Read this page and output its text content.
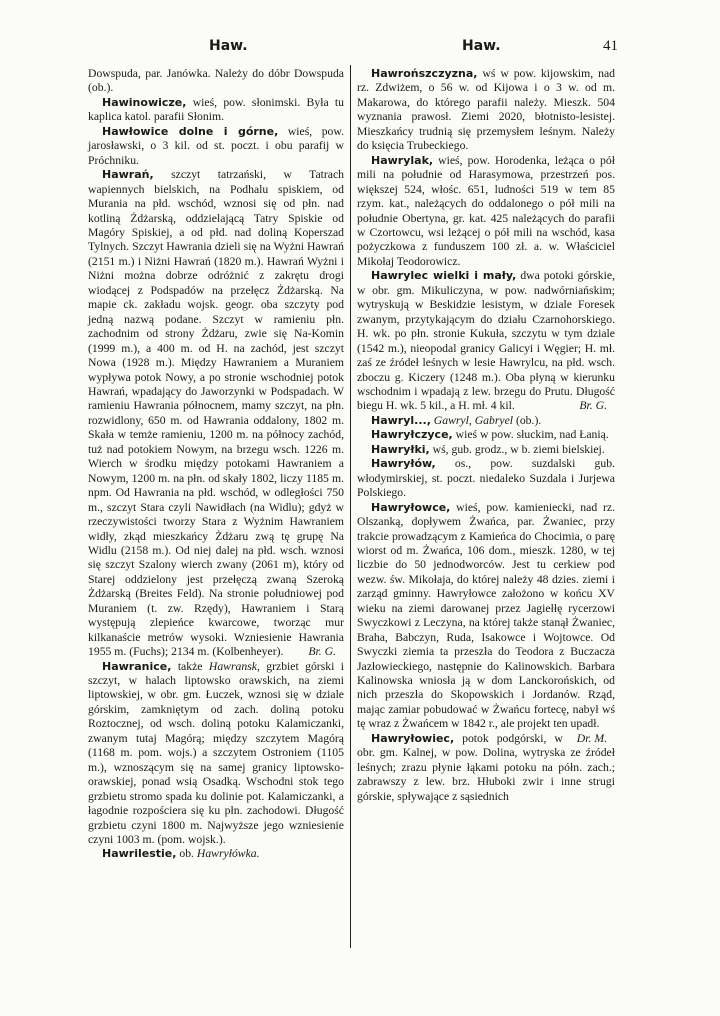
Haw.	Haw.	41

Dowspuda, par. Janówka. Należy do dóbr Dowspuda (ob.).

Hawinowicze, wieś, pow. słonimski. Była tu kaplica katol. parafii Słonim.

Hawłowice dolne i górne, wieś, pow. jarosławski, o 3 kil. od st. poczt. i obu parafij w Próchniku.

Hawrań, szczyt tatrzański, w Tatrach wapiennych bielskich, na Podhalu spiskiem, od Murania na płd. wschód, wznosi się od płn. nad kotliną Żdżarską, oddzielającą Tatry Spiskie od Magóry Spiskiej, a od płd. nad doliną Koperszad Tylnych. Szczyt Hawrania dzieli się na Wyżni Hawrań (2151 m.) i Niżni Hawrań (1820 m.). Hawrań Wyżni i Niżni można dobrze odróżnić z zakrętu drogi wiodącej z Podspadów na przełęcz Żdżarską. Na mapie ck. zakładu wojsk. geogr. oba szczyty pod jedną nazwą podane. Szczyt w ramieniu płn. zachodnim od strony Żdżaru, zwie się Na-Komin (1999 m.), a 400 m. od H. na zachód, jest szczyt Nowa (1928 m.). Między Hawraniem a Muraniem wypływa potok Nowy, a po stronie wschodniej potok Hawrań, wpadający do Jaworzynki w Podspadach. W ramieniu Hawrania północnem, mamy szczyt, na płn. rozwidlony, 650 m. od Hawrania oddalony, 1802 m. Skała w temże ramieniu, 1200 m. na północy zachód, tuż nad potokiem Nowym, na brzegu wsch. 1226 m. Wierch w środku między potokami Hawraniem a Nowym, 1200 m. na płn. od skały 1802, liczy 1185 m. npm. Od Hawrania na płd. wschód, w odległości 750 m., szczyt Stara czyli Nawidłach (na Widlu); gdyż w rzeczywistości tworzy Stara z Wyżnim Hawraniem widły, zkąd mieszkańcy Żdżaru zwą tę grupę Na Widlu (2158 m.). Od niej dalej na płd. wsch. wznosi się szczyt Szalony wierch zwany (2061 m), który od Starej oddzielony jest przełęczą zwaną Szeroką Żdżarską (Breites Feld). Na stronie południowej pod Muraniem (t. zw. Rzędy), Hawraniem i Starą występują zlepieńce kwarcowe, tworząc mur kilkanaście metrów wysoki. Wzniesienie Hawrania 1955 m. (Fuchs); 2134 m. (Kolbenheyer).	Br. G.

Hawranice, także Hawransk, grzbiet górski i szczyt, w halach liptowsko orawskich, na ziemi liptowskiej, w obr. gm. Łuczek, wznosi się w dziale górskim, zamkniętym od zach. doliną potoku Roztocznej, od wsch. doliną potoku Kalamiczanki, zwanym tutaj Magórą; między szczytem Magórą (1168 m. pom. wojs.) a szczytem Ostroniem (1105 m.), wznoszącym się na samej granicy liptowsko-orawskiej, ponad wsią Osadką. Wschodni stok tego grzbietu stromo spada ku dolinie pot. Kalamiczanki, a łagodnie rozpościera się ku płn. zachodowi. Długość grzbietu czyni 1800 m. Najwyższe jego wzniesienie czyni 1003 m. (pom. wojsk.).

Hawrilestie, ob. Hawryłówka.

Hawrońszczyzna, wś w pow. kijowskim, nad rz. Zdwiżem, o 56 w. od Kijowa i o 3 w. od m. Makarowa, do którego parafii należy. Mieszk. 504 wyznania prawosł. Ziemi 2020, błotnisto-lesistej. Mieszkańcy trudnią się przemysłem leśnym. Należy do księcia Trubeckiego.

Hawrylak, wieś, pow. Horodenka, leżąca o pół mili na południe od Harasymowa, przestrzeń pos. większej 524, włośc. 651, ludności 519 w tem 85 rzym. kat., należących do oddalonego o pół mili na południe Obertyna, gr. kat. 425 należących do parafii w Czortowcu, wsi leżącej o pół mili na wschód, kasa pożyczkowa z funduszem 100 zł. a. w. Właściciel Mikołaj Teodorowicz.

Hawrylec wielki i mały, dwa potoki górskie, w obr. gm. Mikuliczyna, w pow. nadwórniańskim; wytryskują w Beskidzie lesistym, w dziale Foresek zwanym, przytykającym do działu Czarnohorskiego. H. wk. po płn. stronie Kukuła, szczytu w tym dziale (1542 m.), nieopodal granicy Galicyi i Węgier; H. mł. zaś ze źródeł leśnych w lesie Hawrylcu, na płd. wsch. zboczu g. Kiczery (1248 m.). Oba płyną w kierunku wschodnim i wpadają z lew. brzegu do Prutu. Długość biegu H. wk. 5 kil., a H. mł. 4 kil.	Br. G.

Hawryl..., Gawryl, Gabryel (ob.).

Hawryłczyce, wieś w pow. słuckim, nad Łanią.

Hawryłki, wś, gub. grodz., w b. ziemi bielskiej.

Hawryłów, os., pow. suzdalski gub. włodymirskiej, st. poczt. niedaleko Suzdala i Jurjewa Polskiego.

Hawryłowce, wieś, pow. kamieniecki, nad rz. Olszanką, dopływem Żwańca, par. Żwaniec, przy trakcie prowadzącym z Kamieńca do Chocimia, o parę wiorst od m. Żwańca, 106 dom., mieszk. 1280, w tej liczbie do 50 jednodworców. Jest tu cerkiew pod wezw. św. Mikołaja, do której należy 48 dzies. ziemi i zarząd gminny. Hawryłowce założono w końcu XV wieku na ziemi darowanej przez Jagiełłę rycerzowi Swyczkowi z Leczyna, na której także stanął Żwaniec, Braha, Babczyn, Ruda, Isakowce i Wojtowce. Od Swyczki ziemia ta przeszła do Teodora z Buczacza Jazłowieckiego, następnie do Kalinowskich. Barbara Kalinowska wniosła ją w dom Lanckorońskich, od nich przeszła do Skopowskich i Jordanów. Rząd, mając zamiar pobudować w Żwańcu fortecę, nabył wś tę wraz z Żwańcem w 1842 r., ale projekt ten upadł.
Dr. M.

Hawryłowiec, potok podgórski, w obr. gm. Kalnej, w pow. Dolina, wytryska ze źródeł leśnych; zrazu płynie łąkami potoku na półn. zach.; zabrawszy z lew. brz. Hłuboki zwir i inne strugi górskie, spływające z sąsiednich
